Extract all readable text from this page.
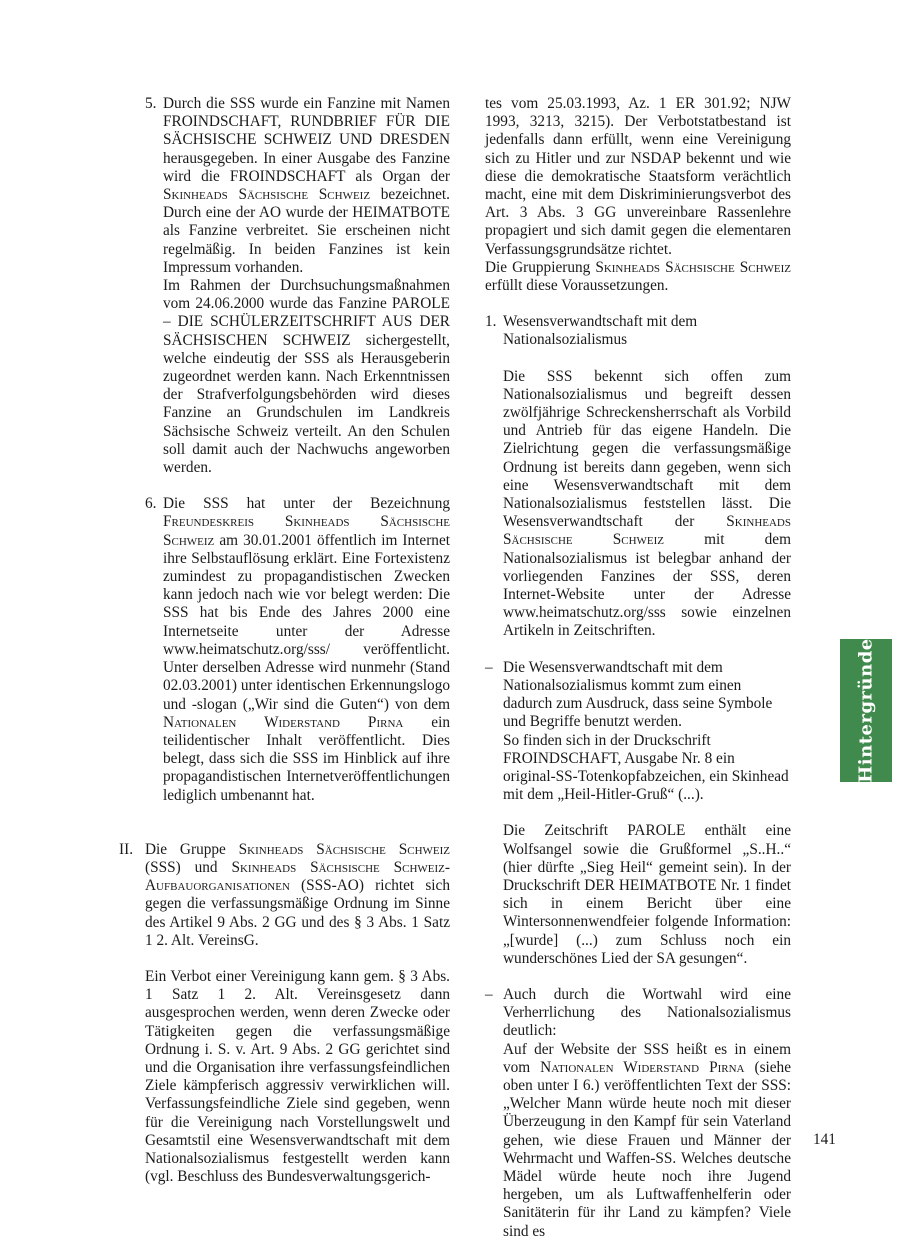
5. Durch die SSS wurde ein Fanzine mit Namen FROINDSCHAFT, RUNDBRIEF FÜR DIE SÄCHSISCHE SCHWEIZ UND DRESDEN herausgegeben. In einer Ausgabe des Fanzine wird die FROINDSCHAFT als Organ der Skinheads Sächsische Schweiz bezeichnet. Durch eine der AO wurde der HEIMATBOTE als Fanzine verbreitet. Sie erscheinen nicht regelmäßig. In beiden Fanzines ist kein Impressum vorhanden.

Im Rahmen der Durchsuchungsmaßnahmen vom 24.06.2000 wurde das Fanzine PAROLE – DIE SCHÜLERZEITSCHRIFT AUS DER SÄCHSISCHEN SCHWEIZ sichergestellt, welche eindeutig der SSS als Herausgeberin zugeordnet werden kann. Nach Erkenntnissen der Strafverfolgungsbehörden wird dieses Fanzine an Grundschulen im Landkreis Sächsische Schweiz verteilt. An den Schulen soll damit auch der Nachwuchs angeworben werden.

6. Die SSS hat unter der Bezeichnung Freundeskreis Skinheads Sächsische Schweiz am 30.01.2001 öffentlich im Internet ihre Selbstauflösung erklärt. Eine Fortexistenz zumindest zu propagandistischen Zwecken kann jedoch nach wie vor belegt werden: Die SSS hat bis Ende des Jahres 2000 eine Internetseite unter der Adresse www.heimatschutz.org/sss/ veröffentlicht. Unter derselben Adresse wird nunmehr (Stand 02.03.2001) unter identischen Erkennungslogo und -slogan („Wir sind die Guten“) von dem Nationalen Widerstand Pirna ein teilidentischer Inhalt veröffentlicht. Dies belegt, dass sich die SSS im Hinblick auf ihre propagandistischen Internetveröffentlichungen lediglich umbenannt hat.

II. Die Gruppe Skinheads Sächsische Schweiz (SSS) und Skinheads Sächsische Schweiz-Aufbauorganisationen (SSS-AO) richtet sich gegen die verfassungsmäßige Ordnung im Sinne des Artikel 9 Abs. 2 GG und des § 3 Abs. 1 Satz 1 2. Alt. VereinsG.

Ein Verbot einer Vereinigung kann gem. § 3 Abs. 1 Satz 1 2. Alt. Vereinsgesetz dann ausgesprochen werden, wenn deren Zwecke oder Tätigkeiten gegen die verfassungsmäßige Ordnung i. S. v. Art. 9 Abs. 2 GG gerichtet sind und die Organisation ihre verfassungsfeindlichen Ziele kämpferisch aggressiv verwirklichen will. Verfassungsfeindliche Ziele sind gegeben, wenn für die Vereinigung nach Vorstellungswelt und Gesamtstil eine Wesensverwandtschaft mit dem Nationalsozialismus festgestellt werden kann (vgl. Beschluss des Bundesverwaltungsgerich-

tes vom 25.03.1993, Az. 1 ER 301.92; NJW 1993, 3213, 3215). Der Verbotstatbestand ist jedenfalls dann erfüllt, wenn eine Vereinigung sich zu Hitler und zur NSDAP bekennt und wie diese die demokratische Staatsform verächtlich macht, eine mit dem Diskriminierungsverbot des Art. 3 Abs. 3 GG unvereinbare Rassenlehre propagiert und sich damit gegen die elementaren Verfassungsgrundsätze richtet.

Die Gruppierung Skinheads Sächsische Schweiz erfüllt diese Voraussetzungen.

1. Wesensverwandtschaft mit dem Nationalsozialismus

Die SSS bekennt sich offen zum Nationalsozialismus und begreift dessen zwölfjährige Schreckensherrschaft als Vorbild und Antrieb für das eigene Handeln. Die Zielrichtung gegen die verfassungsmäßige Ordnung ist bereits dann gegeben, wenn sich eine Wesensverwandtschaft mit dem Nationalsozialismus feststellen lässt. Die Wesensverwandtschaft der Skinheads Sächsische Schweiz mit dem Nationalsozialismus ist belegbar anhand der vorliegenden Fanzines der SSS, deren Internet-Website unter der Adresse www.heimatschutz.org/sss sowie einzelnen Artikeln in Zeitschriften.

– Die Wesensverwandtschaft mit dem Nationalsozialismus kommt zum einen dadurch zum Ausdruck, dass seine Symbole und Begriffe benutzt werden.

So finden sich in der Druckschrift FROINDSCHAFT, Ausgabe Nr. 8 ein original-SS-Totenkopfabzeichen, ein Skinhead mit dem „Heil-Hitler-Gruß“ (...).

Die Zeitschrift PAROLE enthält eine Wolfsangel sowie die Grußformel „S..H..“ (hier dürfte „Sieg Heil“ gemeint sein). In der Druckschrift DER HEIMATBOTE Nr. 1 findet sich in einem Bericht über eine Wintersonnenwendfeier folgende Information: „[wurde] (...) zum Schluss noch ein wunderschönes Lied der SA gesungen“.

– Auch durch die Wortwahl wird eine Verherrlichung des Nationalsozialismus deutlich:

Auf der Website der SSS heißt es in einem vom Nationalen Widerstand Pirna (siehe oben unter I 6.) veröffentlichten Text der SSS: „Welcher Mann würde heute noch mit dieser Überzeugung in den Kampf für sein Vaterland gehen, wie diese Frauen und Männer der Wehrmacht und Waffen-SS. Welches deutsche Mädel würde heute noch ihre Jugend hergeben, um als Luftwaffenhelferin oder Sanitäterin für ihr Land zu kämpfen? Viele sind es

Hintergründe
141
